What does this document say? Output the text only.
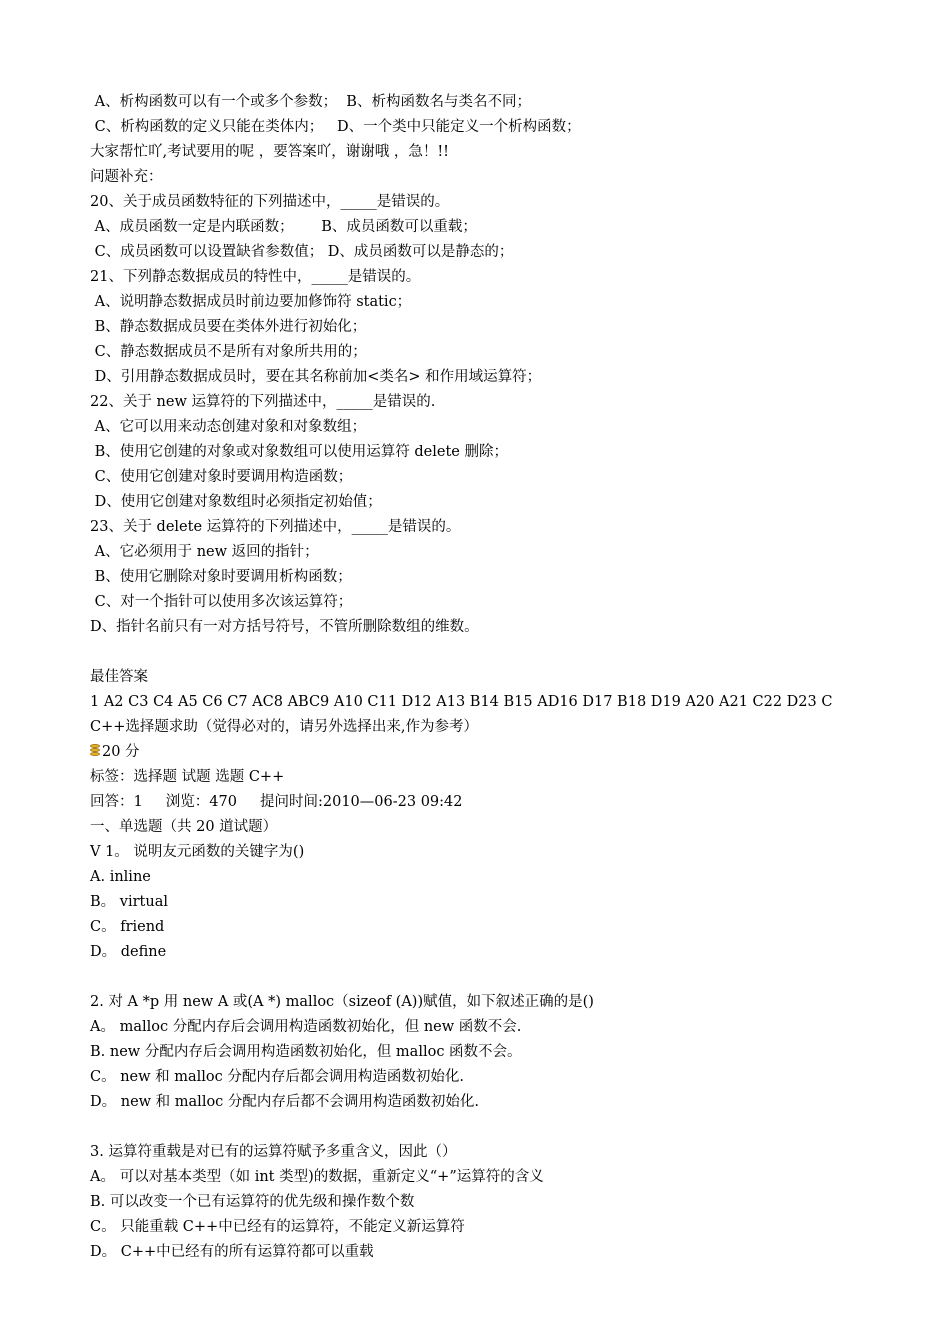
A、析构函数可以有一个或多个参数；  B、析构函数名与类名不同；
C、析构函数的定义只能在类体内；   D、一个类中只能定义一个析构函数；
大家帮忙吖,考试要用的呢 ，要答案吖，谢谢哦 ，急！!!
问题补充：
20、关于成员函数特征的下列描述中，_____是错误的。
A、成员函数一定是内联函数；      B、成员函数可以重载；
C、成员函数可以设置缺省参数值； D、成员函数可以是静态的；
21、下列静态数据成员的特性中，_____是错误的。
A、说明静态数据成员时前边要加修饰符 static；
B、静态数据成员要在类体外进行初始化；
C、静态数据成员不是所有对象所共用的；
D、引用静态数据成员时，要在其名称前加<类名> 和作用域运算符；
22、关于 new 运算符的下列描述中，_____是错误的.
A、它可以用来动态创建对象和对象数组；
B、使用它创建的对象或对象数组可以使用运算符 delete 删除；
C、使用它创建对象时要调用构造函数；
D、使用它创建对象数组时必须指定初始值；
23、关于 delete 运算符的下列描述中，_____是错误的。
A、它必须用于 new 返回的指针；
B、使用它删除对象时要调用析构函数；
C、对一个指针可以使用多次该运算符；
D、指针名前只有一对方括号符号，不管所删除数组的维数。
最佳答案
1 A2 C3 C4 A5 C6 C7 AC8 ABC9 A10 C11 D12 A13 B14 B15 AD16 D17 B18 D19 A20 A21 C22 D23 C
C++选择题求助（觉得必对的，请另外选择出来,作为参考）
20 分
标签：选择题 试题 选题 C++
回答：1     浏览：470     提问时间:2010—06-23 09:42
一、单选题（共 20 道试题）
V 1。 说明友元函数的关键字为()
A. inline
B。 virtual
C。 friend
D。 define
2. 对 A *p 用 new A 或(A *) malloc（sizeof (A))赋值，如下叙述正确的是()
A。 malloc 分配内存后会调用构造函数初始化，但 new 函数不会.
B. new 分配内存后会调用构造函数初始化，但 malloc 函数不会。
C。 new 和 malloc 分配内存后都会调用构造函数初始化.
D。 new 和 malloc 分配内存后都不会调用构造函数初始化.
3. 运算符重载是对已有的运算符赋予多重含义，因此（）
A。 可以对基本类型（如 int 类型)的数据，重新定义“+”运算符的含义
B. 可以改变一个已有运算符的优先级和操作数个数
C。 只能重载 C++中已经有的运算符，不能定义新运算符
D。 C++中已经有的所有运算符都可以重载
